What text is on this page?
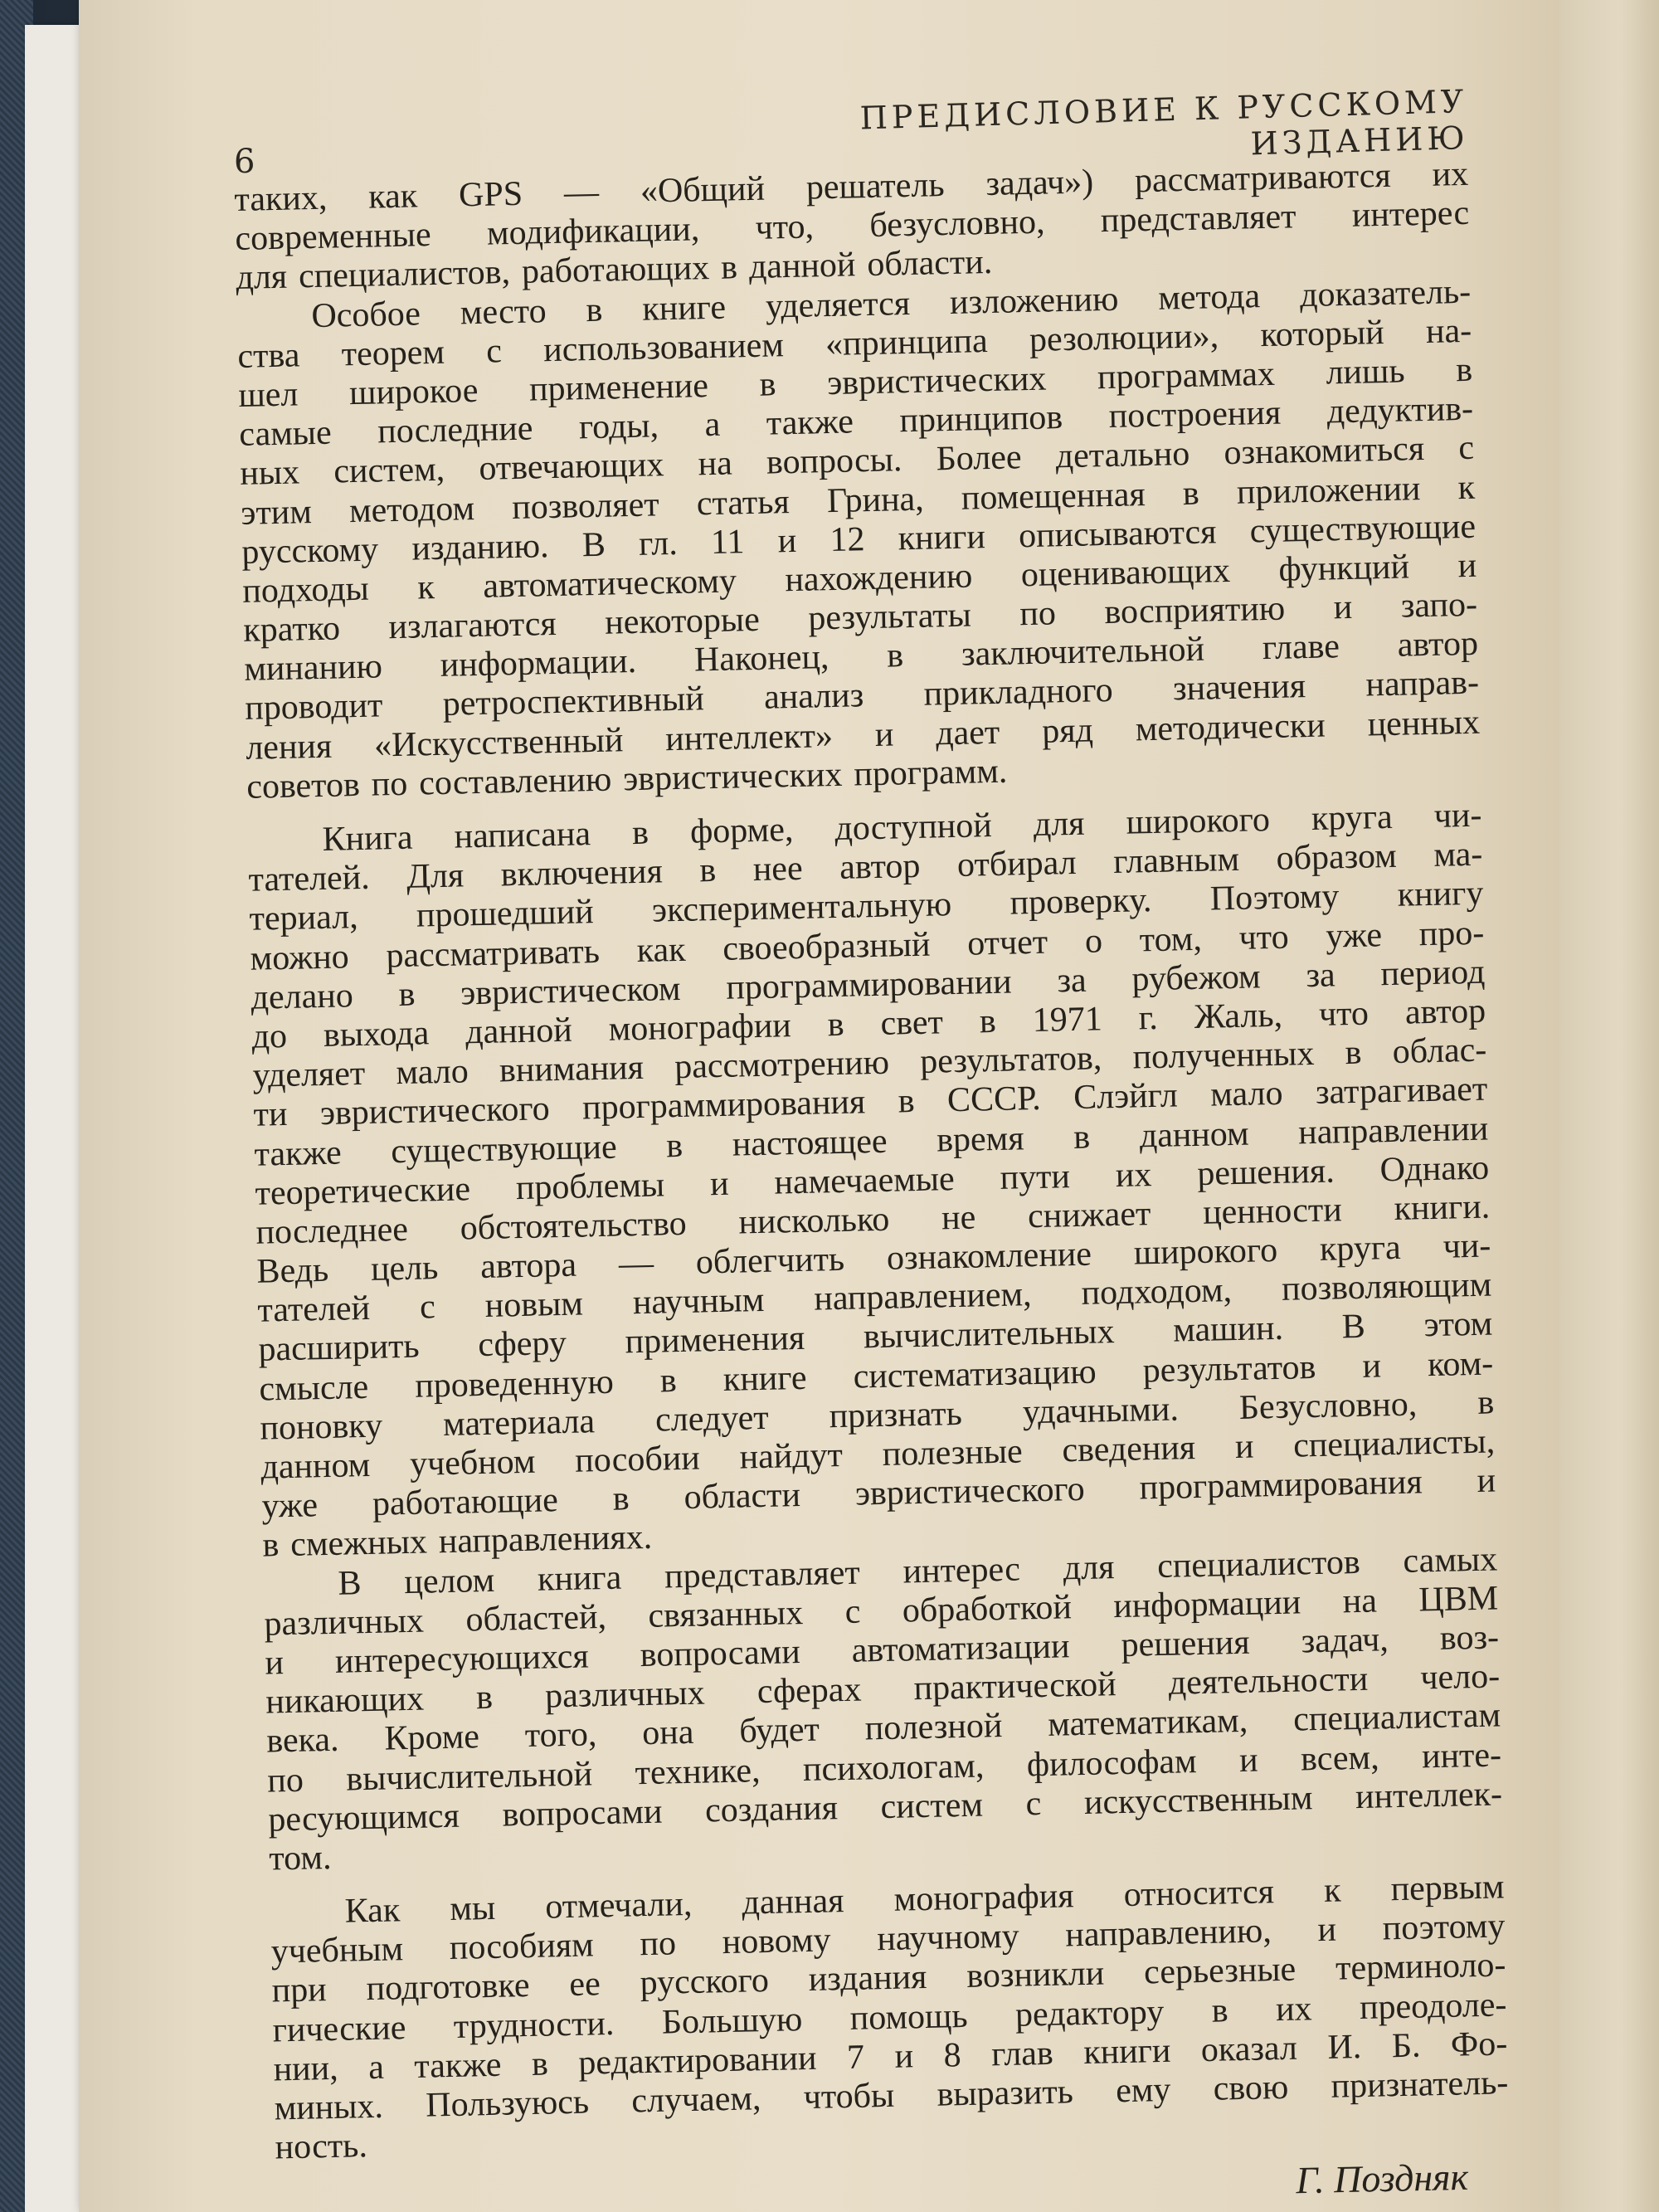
ПРЕДИСЛОВИЕ К РУССКОМУ ИЗДАНИЮ
6
таких, как GPS — «Общий решатель задач») рассматриваются их
современные модификации, что, безусловно, представляет интерес
для специалистов, работающих в данной области.
Особое место в книге уделяется изложению метода доказатель-
ства теорем с использованием «принципа резолюции», который на-
шел широкое применение в эвристических программах лишь в
самые последние годы, а также принципов построения дедуктив-
ных систем, отвечающих на вопросы. Более детально ознакомиться с
этим методом позволяет статья Грина, помещенная в приложении к
русскому изданию. В гл. 11 и 12 книги описываются существующие
подходы к автоматическому нахождению оценивающих функций и
кратко излагаются некоторые результаты по восприятию и запо-
минанию информации. Наконец, в заключительной главе автор
проводит ретроспективный анализ прикладного значения направ-
ления «Искусственный интеллект» и дает ряд методически ценных
советов по составлению эвристических программ.
Книга написана в форме, доступной для широкого круга чи-
тателей. Для включения в нее автор отбирал главным образом ма-
териал, прошедший экспериментальную проверку. Поэтому книгу
можно рассматривать как своеобразный отчет о том, что уже про-
делано в эвристическом программировании за рубежом за период
до выхода данной монографии в свет в 1971 г. Жаль, что автор
уделяет мало внимания рассмотрению результатов, полученных в облас-
ти эвристического программирования в СССР. Слэйгл мало затрагивает
также существующие в настоящее время в данном направлении
теоретические проблемы и намечаемые пути их решения. Однако
последнее обстоятельство нисколько не снижает ценности книги.
Ведь цель автора — облегчить ознакомление широкого круга чи-
тателей с новым научным направлением, подходом, позволяющим
расширить сферу применения вычислительных машин. В этом
смысле проведенную в книге систематизацию результатов и ком-
поновку материала следует признать удачными. Безусловно, в
данном учебном пособии найдут полезные сведения и специалисты,
уже работающие в области эвристического программирования и
в смежных направлениях.
В целом книга представляет интерес для специалистов самых
различных областей, связанных с обработкой информации на ЦВМ
и интересующихся вопросами автоматизации решения задач, воз-
никающих в различных сферах практической деятельности чело-
века. Кроме того, она будет полезной математикам, специалистам
по вычислительной технике, психологам, философам и всем, инте-
ресующимся вопросами создания систем с искусственным интеллек-
том.
Как мы отмечали, данная монография относится к первым
учебным пособиям по новому научному направлению, и поэтому
при подготовке ее русского издания возникли серьезные терминоло-
гические трудности. Большую помощь редактору в их преодоле-
нии, а также в редактировании 7 и 8 глав книги оказал И. Б. Фо-
миных. Пользуюсь случаем, чтобы выразить ему свою признатель-
ность.
Г. Поздняк
